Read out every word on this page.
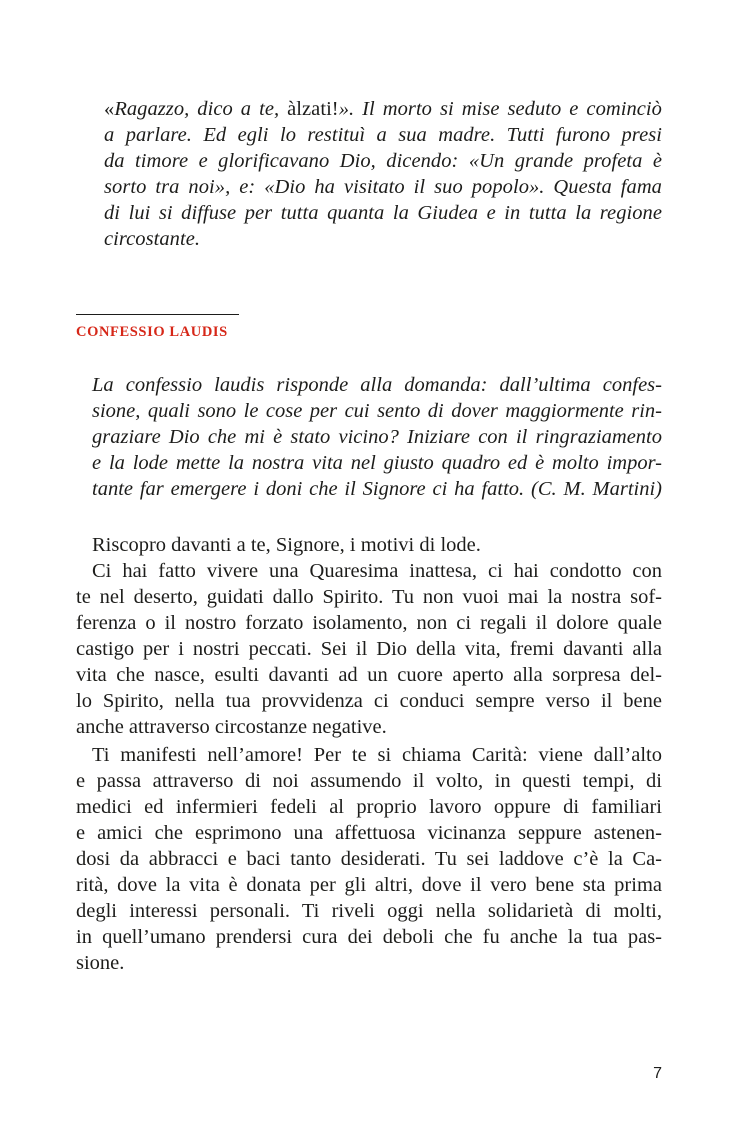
«Ragazzo, dico a te, àlzati!». Il morto si mise seduto e cominciò
a parlare. Ed egli lo restituì a sua madre. Tutti furono presi
da timore e glorificavano Dio, dicendo: «Un grande profeta è
sorto tra noi», e: «Dio ha visitato il suo popolo». Questa fama
di lui si diffuse per tutta quanta la Giudea e in tutta la regione
circostante.
CONFESSIO LAUDIS
La confessio laudis risponde alla domanda: dall’ultima confes-
sione, quali sono le cose per cui sento di dover maggiormente rin-
graziare Dio che mi è stato vicino? Iniziare con il ringraziamento
e la lode mette la nostra vita nel giusto quadro ed è molto impor-
tante far emergere i doni che il Signore ci ha fatto. (C. M. Martini)
Riscopro davanti a te, Signore, i motivi di lode.
Ci hai fatto vivere una Quaresima inattesa, ci hai condotto con
te nel deserto, guidati dallo Spirito. Tu non vuoi mai la nostra sof-
ferenza o il nostro forzato isolamento, non ci regali il dolore quale
castigo per i nostri peccati. Sei il Dio della vita, fremi davanti alla
vita che nasce, esulti davanti ad un cuore aperto alla sorpresa del-
lo Spirito, nella tua provvidenza ci conduci sempre verso il bene
anche attraverso circostanze negative.
Ti manifesti nell’amore! Per te si chiama Carità: viene dall’alto
e passa attraverso di noi assumendo il volto, in questi tempi, di
medici ed infermieri fedeli al proprio lavoro oppure di familiari
e amici che esprimono una affettuosa vicinanza seppure astenen-
dosi da abbracci e baci tanto desiderati. Tu sei laddove c’è la Ca-
rità, dove la vita è donata per gli altri, dove il vero bene sta prima
degli interessi personali. Ti riveli oggi nella solidarietà di molti,
in quell’umano prendersi cura dei deboli che fu anche la tua pas-
sione.
7
